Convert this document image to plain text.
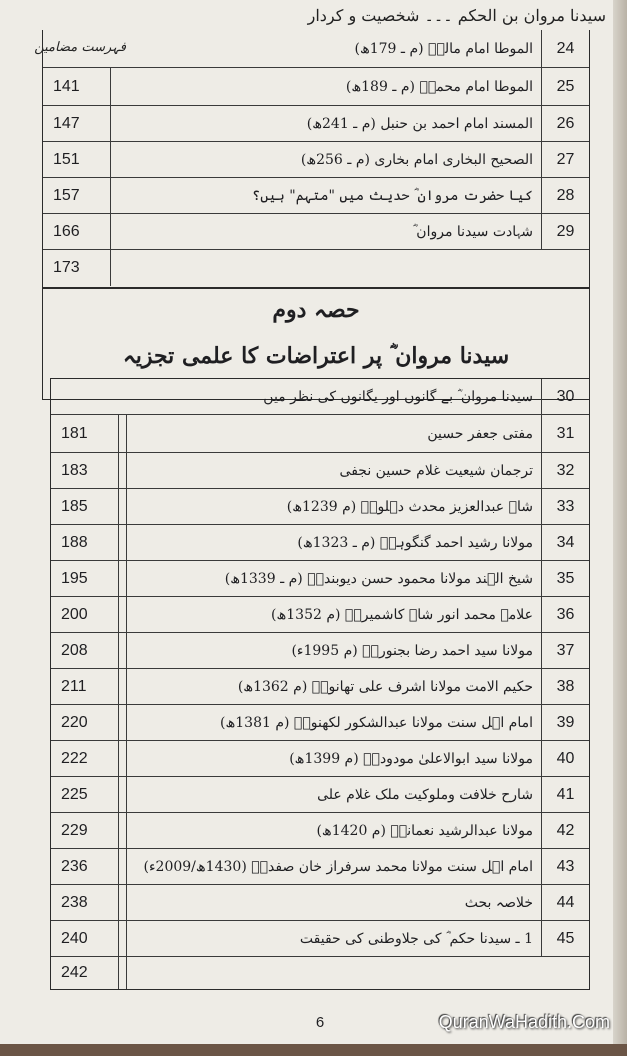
سیدنا مروان بن الحکم ۔۔۔ شخصیت و کردار
فہرست مضامین	الموطا امام مالکؒ (م ـ 179ھ)	24
141	الموطا امام محمدؒ (م ـ 189ھ)	25
147	المسند امام احمد بن حنبل (م ـ 241ھ)	26
151	الصحیح البخاری امام بخاری (م ـ 256ھ)	27
157	کیا حضرت مروان ؓ حدیث میں "متہم" ہیں؟	28
166	شہادت سیدنا مروان ؓ	29
173
حصہ دوم
سیدنا مروان ؓ پر اعتراضات کا علمی تجزیہ
سیدنا مروان ؓ بے گانوں اور یگانوں کی نظر میں	30
181	مفتی جعفر حسین	31
183	ترجمان شیعیت غلام حسین نجفی	32
185	شاہ عبدالعزیز محدث دہلویؒ (م 1239ھ)	33
188	مولانا رشید احمد گنگوہیؒ (م ـ 1323ھ)	34
195	شیخ الہند مولانا محمود حسن دیوبندیؒ (م ـ 1339ھ)	35
200	علامہ محمد انور شاہ کاشمیریؒ (م 1352ھ)	36
208	مولانا سید احمد رضا بجنوریؒ (م 1995ء)	37
211	حکیم الامت مولانا اشرف علی تھانویؒ (م 1362ھ)	38
220	امام اہل سنت مولانا عبدالشکور لکھنویؒ (م 1381ھ)	39
222	مولانا سید ابوالاعلیٰ مودودیؒ (م 1399ھ)	40
225	شارح خلافت وملوکیت ملک غلام علی	41
229	مولانا عبدالرشید نعمانیؒ (م 1420ھ)	42
236	امام اہل سنت مولانا محمد سرفراز خان صفدرؒ (1430ھ/2009ء)	43
238	خلاصہ بحث	44
240	1 ـ سیدنا حکم ؓ کی جلاوطنی کی حقیقت	45
242
6	QuranWaHadith.Com
